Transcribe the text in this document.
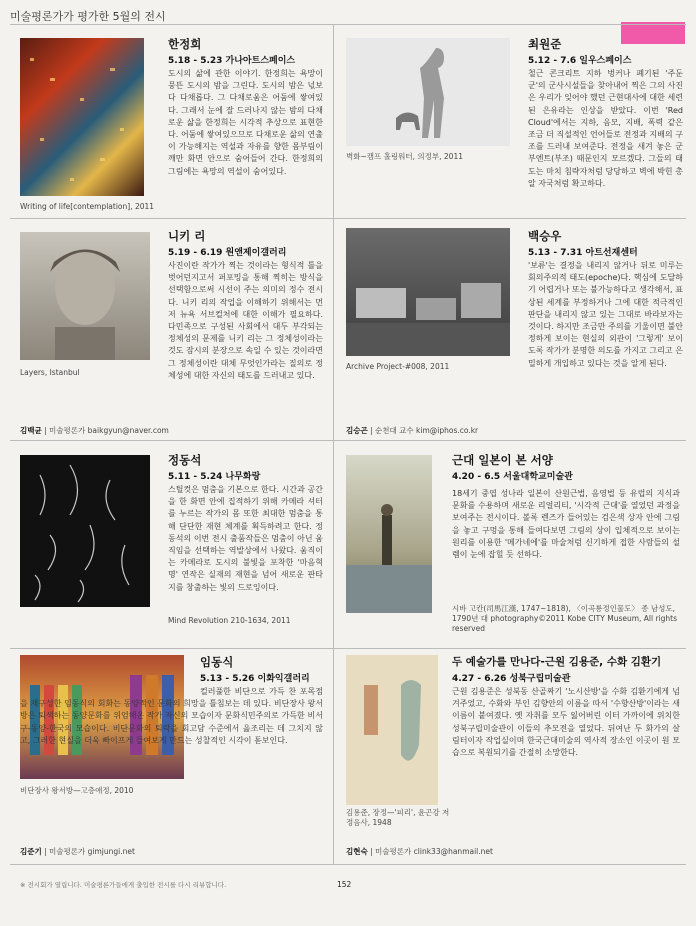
미술평론가가 평가한 5월의 전시
Writing of life[contemplation], 2011
한정희
5.18 - 5.23 가나아트스페이스
도시의 삶에 관한 이야기. 한정희는 욕망이 뭉뜬 도시의 밤을 그린다. 도시의 밤은 넋보다 다채롭다. 그 다채로움은 어둠에 쌓여있다. 그래서 눈에 잘 드러나지 않는 밤의 다채로운 삶을 한정희는 시각적 추상으로 표현한다. 어둠에 쌓여있으므로 다채로운 삶의 연출이 가능해지는 역설과 자유를 향한 몸부림이 깨만 화면 안으로 숨어들어 간다. 한정희의 그림에는 욕망의 역설이 숨어있다.
벽화~캠프 홀링워터, 의정부, 2011
최원준
5.12 - 7.6 일우스페이스
철근 콘크리트 지하 벙커나 폐기된 '주둔군'의 군사시설들을 찾아내어 찍은 그의 사진은 우리가 잊어야 했던 근현대사에 대한 세련된 은유라는 인상을 받았다. 이번 'Red Cloud'에서는 지하, 음모, 지배, 폭력 같은 조금 더 직설적인 언어들로 전정과 지배의 구조를 드러내 보여준다. 전정을 새겨 놓은 군부엔트(부조) 때문인지 모르겠다. 그들의 태도는 마치 침략자처럼 당당하고 벽에 박힌 총알 자국처럼 확고하다.
Layers, Istanbul
니키 리
5.19 - 6.19 원앤제이갤러리
사진이란 작가가 찍는 것이라는 형식적 틀을 벗어던지고서 퍼포밍을 통해 찍히는 방식을 선택함으로써 시선이 주는 의미의 정수 전시다. 니키 리의 작업을 이해하기 위해서는 먼저 뉴욕 서브컬처에 대한 이해가 필요하다. 다민족으로 구성된 사회에서 대두 부각되는 정체성의 문제를 니키 리는 그 정체성이라는 것도 잠시의 분장으로 속일 수 있는 것이라면 그 정체성이란 대체 무엇인가라는 질의로 정체성에 대한 자신의 태도를 드러내고 있다.
김백균 | 미술평론가 baikgyun@naver.com
Archive Project-#008, 2011
백승우
5.13 - 7.31 아트선재센터
'보류'는 결정을 내리지 않거나 뒤로 미루는 회의주의적 태도(epoche)다. 핵심에 도달하기 어렵거나 또는 불가능하다고 생각해서, 표상된 세계를 부정하거나 그에 대한 적극적인 판단을 내리지 않고 있는 그대로 바라보자는 것이다. 하지만 조금만 주의를 기울이면 불안정하게 보이는 현실의 외관이 '그렇게' 보이도록 작가가 분명한 의도를 가지고 그리고 은밀하게 개입하고 있다는 것을 알게 된다.
김승곤 | 순천대 교수 kim@iphos.co.kr
Mind Revolution 210-1634, 2011
정동석
5.11 - 5.24 나무화랑
스틸컷은 멈춤을 기본으로 한다. 시간과 공간을 한 화면 안에 집적하기 위해 카메라 셔터를 누르는 작가의 몸 또한 최대한 멈춤을 통해 단단한 재현 체계를 획득하려고 한다. 정동석의 이번 전시 출품작들은 멈춤이 아닌 움직임을 선택하는 역발상에서 나왔다. 움직이는 카메라로 도시의 불빛을 포착한 '마음혁명' 연작은 실재의 재현을 넘어 새로운 판타지를 창출하는 빛의 드로잉이다.
근대 일본이 본 서양
4.20 - 6.5 서울대학교미술관
18세기 중엽 성나라 일본이 산원근법, 음영법 등 유럽의 지식과 문화를 수용하며 새로운 리얼리티, '시각적 근대'를 열었던 과정을 보여주는 전시이다. 볼록 렌즈가 들어있는 검은색 상자 안에 그림을 놓고 구멍을 통해 들여다보면 그림의 상이 입체적으로 보이는 원리를 이용한 '메가네에'를 마술처럼 신기하게 접한 사람들의 설렘이 눈에 잡힐 듯 선하다.
시바 고칸(司馬江漢, 1747~1818), 〈이곡룡정인물도〉 종 남성도, 1790년 대 photography©2011 Kobe CITY Museum, All rights reserved
비단장사 왕서방—고층애정, 2010
임동식
5.13 - 5.26 이화익갤러리
컬러풀한 비단으로 가득 찬 포목점을 재구성한 임동식의 회화는 동양적인 문화의 희망을 틀침보는 데 있다. 비단장사 왕서방은 퇴색하는 동양문화를 위엄해온 작가 자신의 모습이자 문화식민주의로 가득한 비서구-동양-한국의 모습이다. 비단문화의 퇴락을 회고담 수준에서 읊조리는 데 그치지 않고, 그러한 현실을 더욱 빠이프게 들여보게 만드는 성찰적인 시각이 돋보인다.
김준기 | 미술평론가 gimjungi.net
김용준, 장정—'피리', 윤곤강 저 정음사, 1948
두 예술가를 만나다-근원 김용준, 수화 김환기
4.27 - 6.26 성북구립미술관
근원 김용준은 성북동 산골짜기 '노시산방'을 수화 김환기에게 넘겨주었고, 수화와 부인 김향안의 이름을 따서 '수향산방'이라는 새 이름이 붙여졌다. 옛 자취를 모두 잃어버린 이터 가까이에 위치한 성북구립미술관이 이들의 추모전을 열었다. 뒤여난 두 화가의 살림터이자 작업실이며 한국근대미술의 역사적 장소인 이곳이 원 모습으로 복원되기를 간절히 소망한다.
김현숙 | 미술평론가 clink33@hanmail.net
※ 전시회가 열립니다. 미술평론가들에게 출입한 전시를 다시 리뷰합니다.	152
